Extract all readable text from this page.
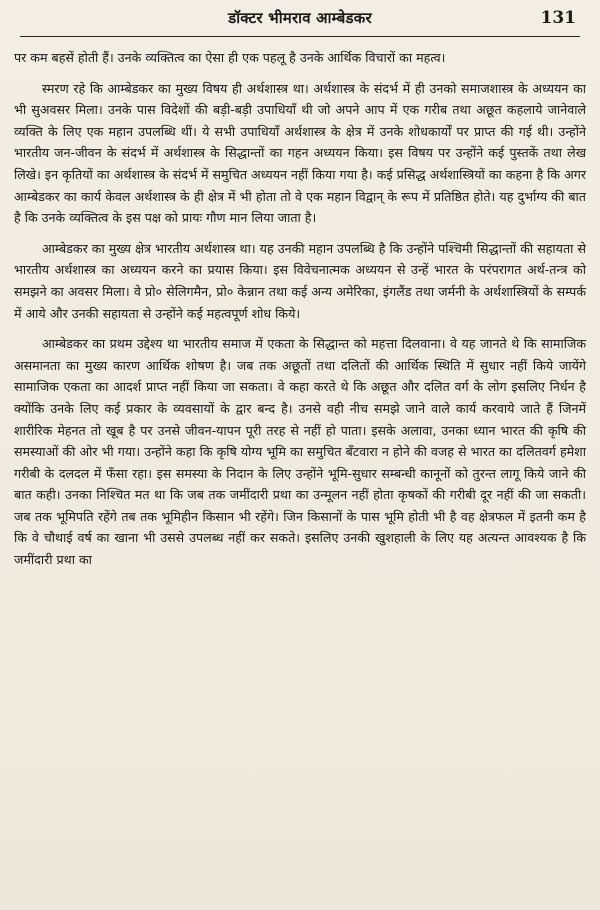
डॉक्टर भीमराव आम्बेडकर	131

पर कम बहसें होती हैं। उनके व्यक्तित्व का ऐसा ही एक पहलू है उनके आर्थिक विचारों का महत्व।

स्मरण रहे कि आम्बेडकर का मुख्य विषय ही अर्थशास्त्र था। अर्थशास्त्र के संदर्भ में ही उनको समाजशास्त्र के अध्ययन का भी सुअवसर मिला। उनके पास विदेशों की बड़ी-बड़ी उपाधियाँ थी जो अपने आप में एक गरीब तथा अछूत कहलाये जानेवाले व्यक्ति के लिए एक महान उपलब्धि थीं। ये सभी उपाधियाँ अर्थशास्त्र के क्षेत्र में उनके शोधकार्यों पर प्राप्त की गई थी। उन्होंने भारतीय जन-जीवन के संदर्भ में अर्थशास्त्र के सिद्धान्तों का गहन अध्ययन किया। इस विषय पर उन्होंने कई पुस्तकें तथा लेख लिखे। इन कृतियों का अर्थशास्त्र के संदर्भ में समुचित अध्ययन नहीं किया गया है। कई प्रसिद्ध अर्थशास्त्रियों का कहना है कि अगर आम्बेडकर का कार्य केवल अर्थशास्त्र के ही क्षेत्र में भी होता तो वे एक महान विद्वान् के रूप में प्रतिष्ठित होते। यह दुर्भाग्य की बात है कि उनके व्यक्तित्व के इस पक्ष को प्रायः गौण मान लिया जाता है।

आम्बेडकर का मुख्य क्षेत्र भारतीय अर्थशास्त्र था। यह उनकी महान उपलब्धि है कि उन्होंने पश्चिमी सिद्धान्तों की सहायता से भारतीय अर्थशास्त्र का अध्ययन करने का प्रयास किया। इस विवेचनात्मक अध्ययन से उन्हें भारत के परंपरागत अर्थ-तन्त्र को समझने का अवसर मिला। वे प्रो० सेलिगमैन, प्रो० केन्नान तथा कई अन्य अमेरिका, इंगलैंड तथा जर्मनी के अर्थशास्त्रियों के सम्पर्क में आये और उनकी सहायता से उन्होंने कई महत्वपूर्ण शोध किये।

आम्बेडकर का प्रथम उद्देश्य था भारतीय समाज में एकता के सिद्धान्त को महत्ता दिलवाना। वे यह जानते थे कि सामाजिक असमानता का मुख्य कारण आर्थिक शोषण है। जब तक अछूतों तथा दलितों की आर्थिक स्थिति में सुधार नहीं किये जायेंगे सामाजिक एकता का आदर्श प्राप्त नहीं किया जा सकता। वे कहा करते थे कि अछूत और दलित वर्ग के लोग इसलिए निर्धन है क्योंकि उनके लिए कई प्रकार के व्यवसायों के द्वार बन्द है। उनसे वही नीच समझे जाने वाले कार्य करवाये जाते हैं जिनमें शारीरिक मेहनत तो खूब है पर उनसे जीवन-यापन पूरी तरह से नहीं हो पाता। इसके अलावा, उनका ध्यान भारत की कृषि की समस्याओं की ओर भी गया। उन्होंने कहा कि कृषि योग्य भूमि का समुचित बँटवारा न होने की वजह से भारत का दलितवर्ग हमेशा गरीबी के दलदल में फँसा रहा। इस समस्या के निदान के लिए उन्होंने भूमि-सुधार सम्बन्धी कानूनों को तुरन्त लागू किये जाने की बात कही। उनका निश्चित मत था कि जब तक जमींदारी प्रथा का उन्मूलन नहीं होता कृषकों की गरीबी दूर नहीं की जा सकती। जब तक भूमिपति रहेंगे तब तक भूमिहीन किसान भी रहेंगे। जिन किसानों के पास भूमि होती भी है वह क्षेत्रफल में इतनी कम है कि वे चौथाई वर्ष का खाना भी उससे उपलब्ध नहीं कर सकते। इसलिए उनकी खुशहाली के लिए यह अत्यन्त आवश्यक है कि जमींदारी प्रथा का
